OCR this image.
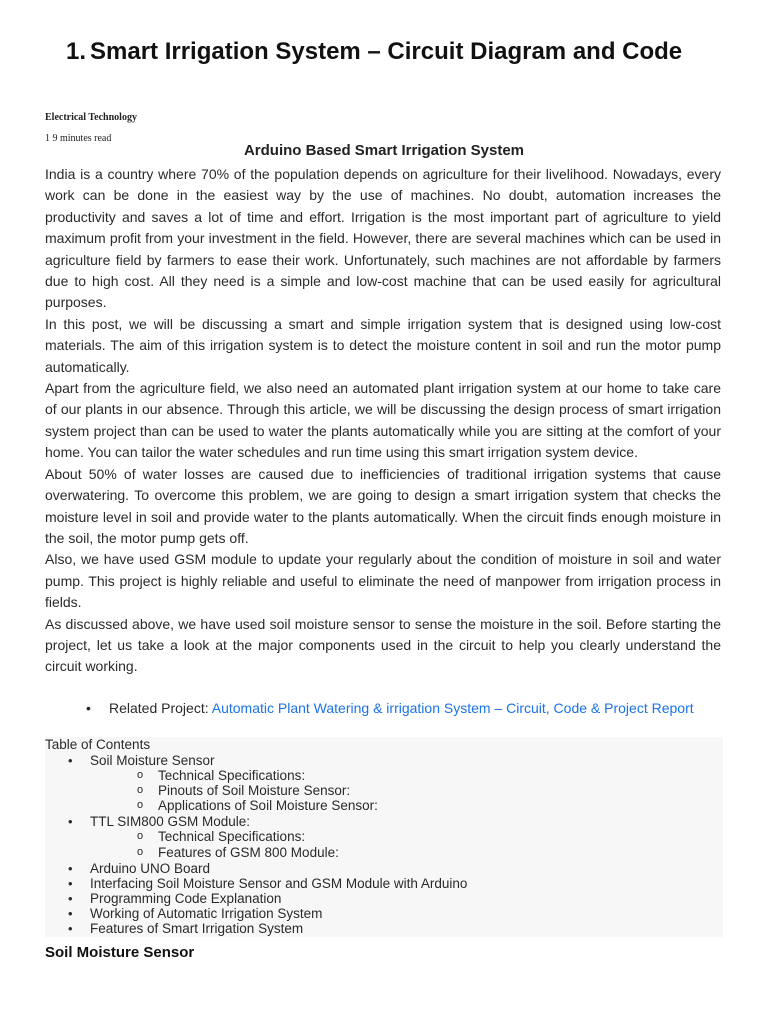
1. Smart Irrigation System – Circuit Diagram and Code
Electrical Technology
1 9 minutes read
Arduino Based Smart Irrigation System

India is a country where 70% of the population depends on agriculture for their livelihood. Nowadays, every work can be done in the easiest way by the use of machines. No doubt, automation increases the productivity and saves a lot of time and effort. Irrigation is the most important part of agriculture to yield maximum profit from your investment in the field. However, there are several machines which can be used in agriculture field by farmers to ease their work. Unfortunately, such machines are not affordable by farmers due to high cost. All they need is a simple and low-cost machine that can be used easily for agricultural purposes.

In this post, we will be discussing a smart and simple irrigation system that is designed using low-cost materials. The aim of this irrigation system is to detect the moisture content in soil and run the motor pump automatically.

Apart from the agriculture field, we also need an automated plant irrigation system at our home to take care of our plants in our absence. Through this article, we will be discussing the design process of smart irrigation system project than can be used to water the plants automatically while you are sitting at the comfort of your home. You can tailor the water schedules and run time using this smart irrigation system device.

About 50% of water losses are caused due to inefficiencies of traditional irrigation systems that cause overwatering. To overcome this problem, we are going to design a smart irrigation system that checks the moisture level in soil and provide water to the plants automatically. When the circuit finds enough moisture in the soil, the motor pump gets off.

Also, we have used GSM module to update your regularly about the condition of moisture in soil and water pump. This project is highly reliable and useful to eliminate the need of manpower from irrigation process in fields.

As discussed above, we have used soil moisture sensor to sense the moisture in the soil. Before starting the project, let us take a look at the major components used in the circuit to help you clearly understand the circuit working.

•	Related Project: Automatic Plant Watering & irrigation System – Circuit, Code & Project Report
Table of Contents
• Soil Moisture Sensor
o Technical Specifications:
o Pinouts of Soil Moisture Sensor:
o Applications of Soil Moisture Sensor:
• TTL SIM800 GSM Module:
o Technical Specifications:
o Features of GSM 800 Module:
• Arduino UNO Board
• Interfacing Soil Moisture Sensor and GSM Module with Arduino
• Programming Code Explanation
• Working of Automatic Irrigation System
• Features of Smart Irrigation System
Soil Moisture Sensor
